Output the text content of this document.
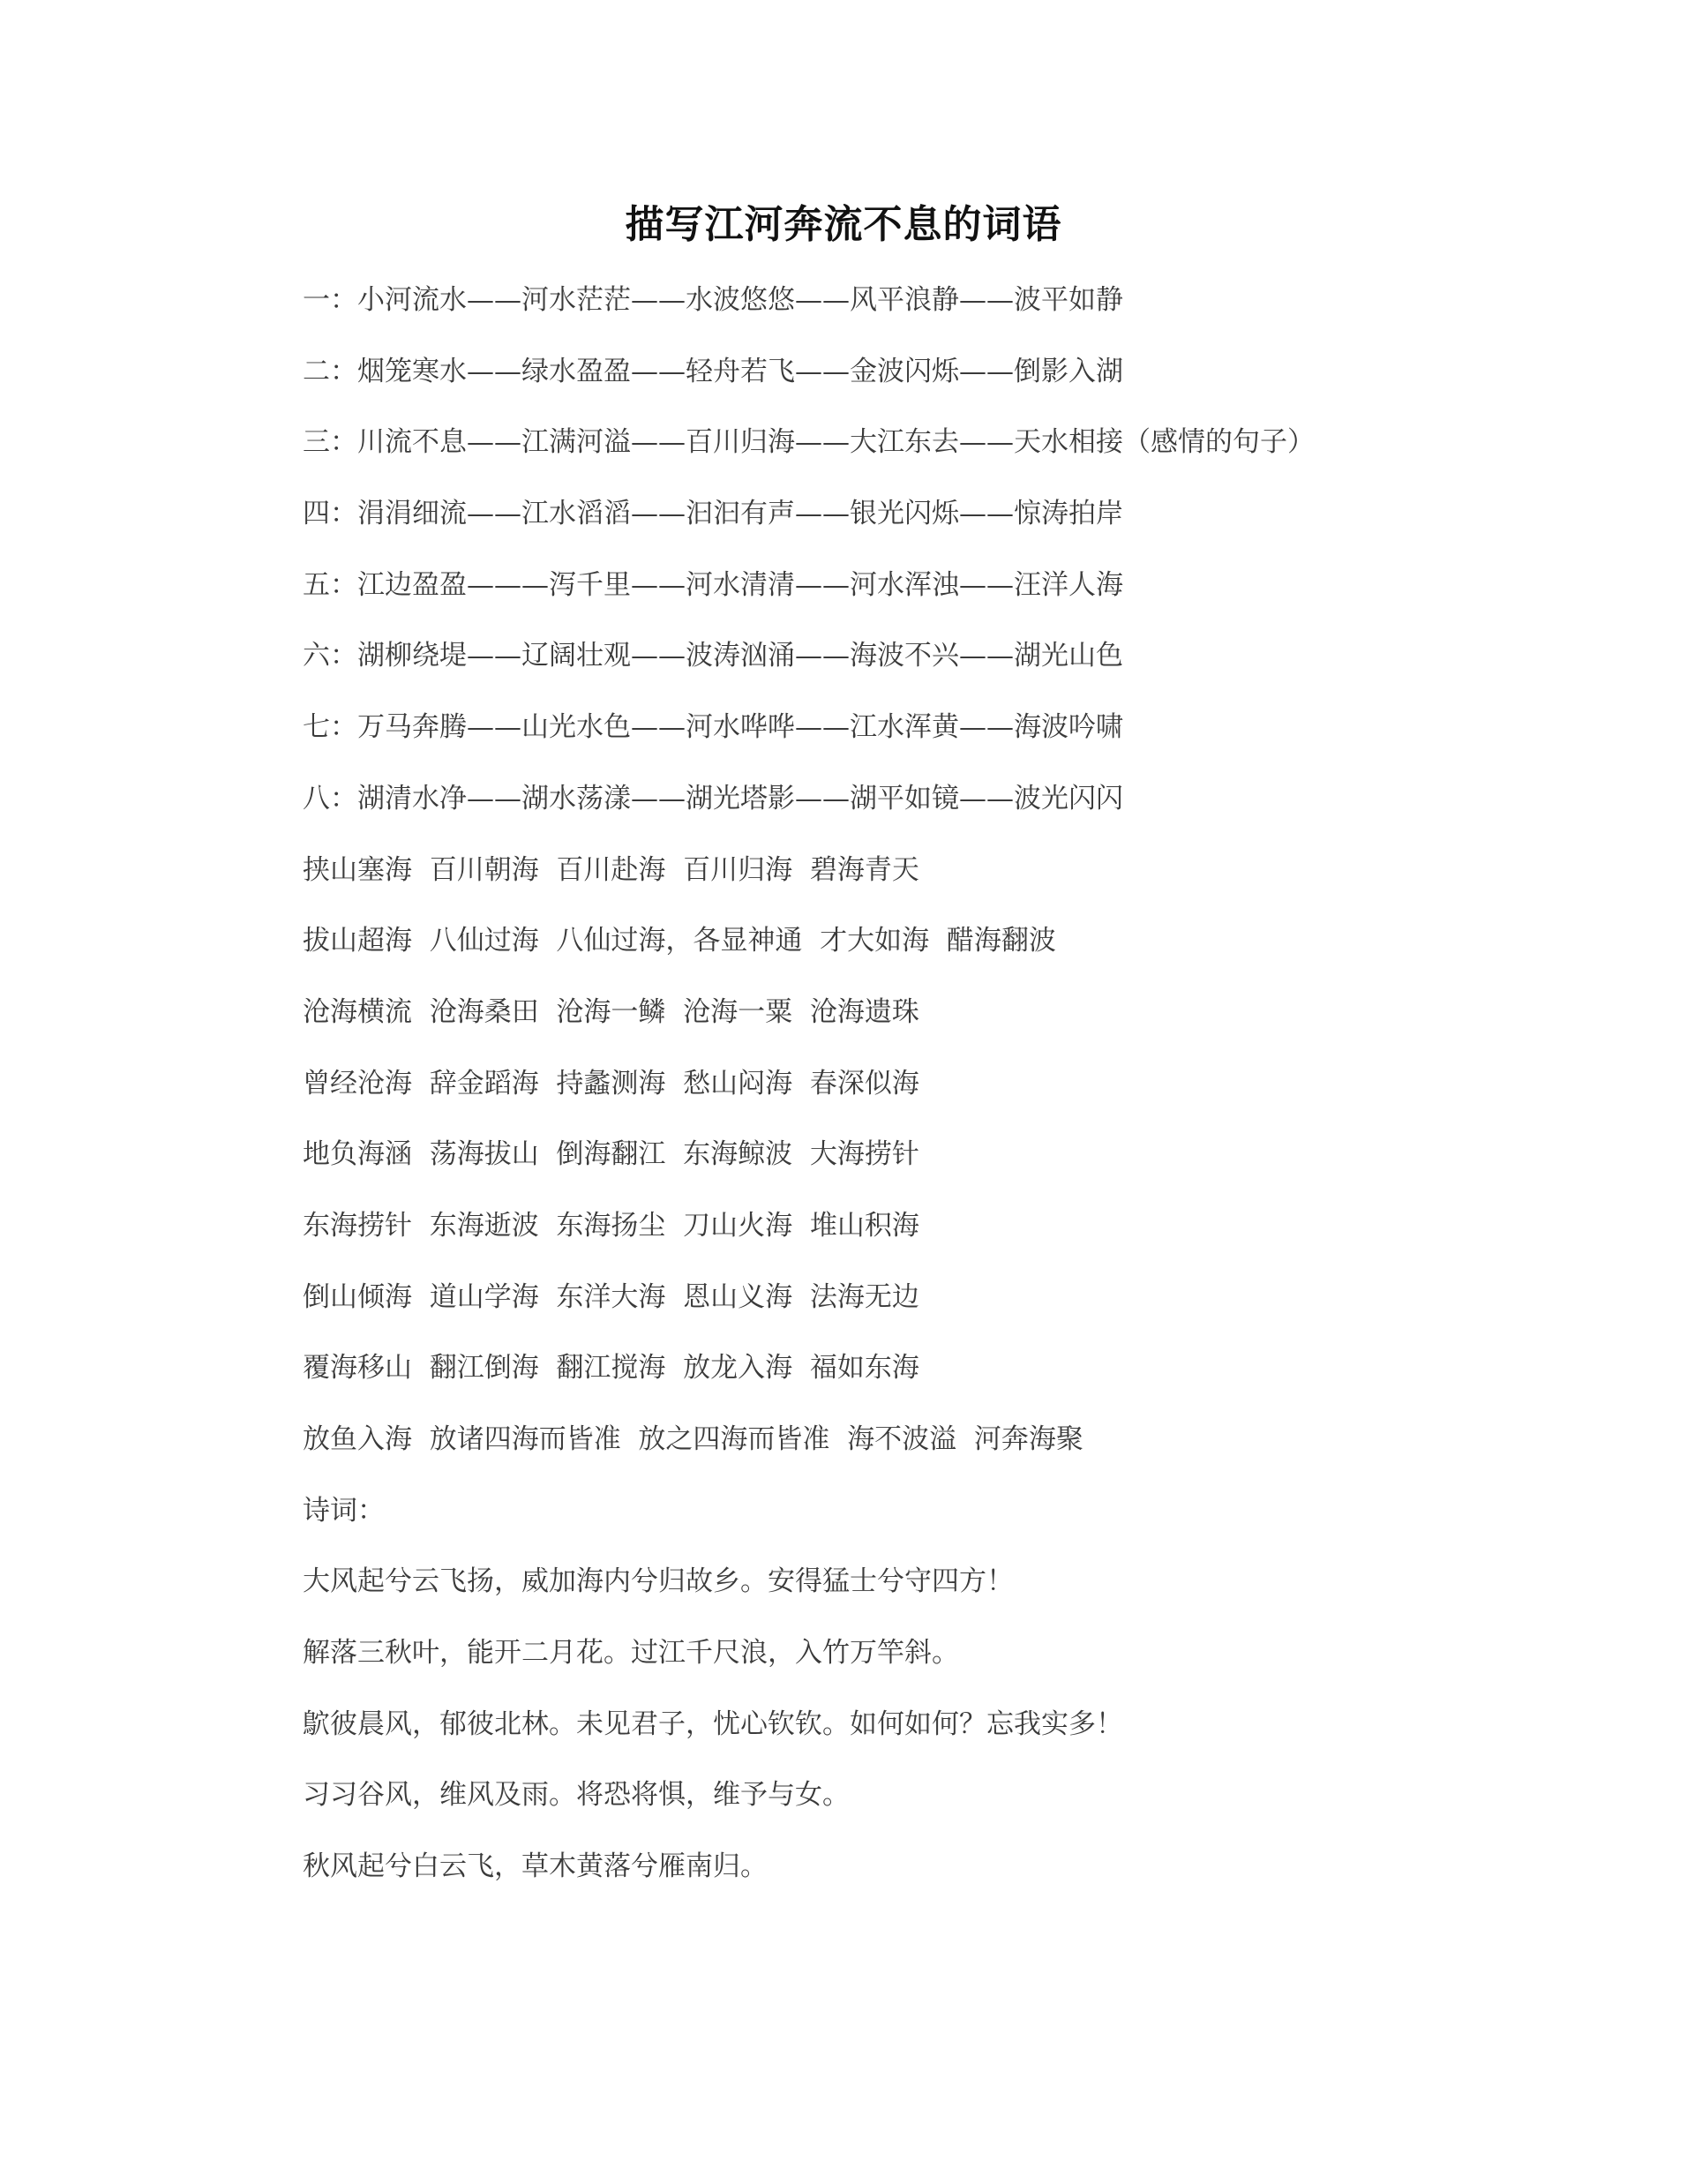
描写江河奔流不息的词语
一：小河流水——河水茫茫——水波悠悠——风平浪静——波平如静
二：烟笼寒水——绿水盈盈——轻舟若飞——金波闪烁——倒影入湖
三：川流不息——江满河溢——百川归海——大江东去——天水相接（感情的句子）
四：涓涓细流——江水滔滔——汩汩有声——银光闪烁——惊涛拍岸
五：江边盈盈———泻千里——河水清清——河水浑浊——汪洋人海
六：湖柳绕堤——辽阔壮观——波涛汹涌——海波不兴——湖光山色
七：万马奔腾——山光水色——河水哗哗——江水浑黄——海波吟啸
八：湖清水净——湖水荡漾——湖光塔影——湖平如镜——波光闪闪
挟山塞海  百川朝海  百川赴海  百川归海  碧海青天
拔山超海  八仙过海  八仙过海，各显神通  才大如海  醋海翻波
沧海横流  沧海桑田  沧海一鳞  沧海一粟  沧海遗珠
曾经沧海  辞金蹈海  持蠡测海  愁山闷海  春深似海
地负海涵  荡海拔山  倒海翻江  东海鲸波  大海捞针
东海捞针  东海逝波  东海扬尘  刀山火海  堆山积海
倒山倾海  道山学海  东洋大海  恩山义海  法海无边
覆海移山  翻江倒海  翻江搅海  放龙入海  福如东海
放鱼入海  放诸四海而皆准  放之四海而皆准  海不波溢  河奔海聚
诗词：
大风起兮云飞扬，威加海内兮归故乡。安得猛士兮守四方！
解落三秋叶，能开二月花。过江千尺浪，入竹万竿斜。
鴥彼晨风，郁彼北林。未见君子，忧心钦钦。如何如何？忘我实多！
习习谷风，维风及雨。将恐将惧，维予与女。
秋风起兮白云飞，草木黄落兮雁南归。
